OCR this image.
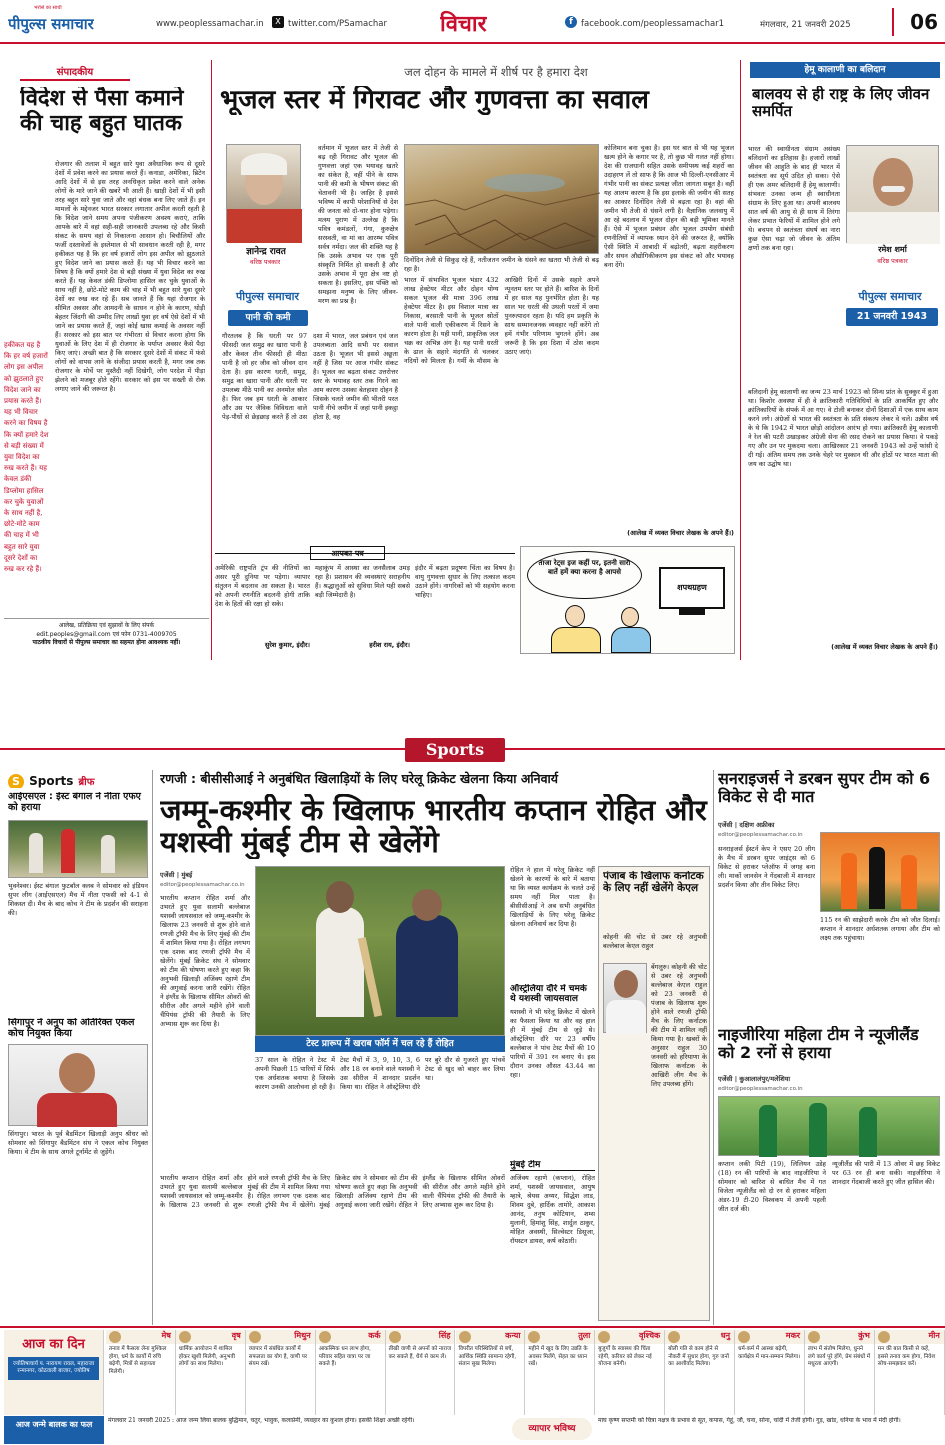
पीपुल्स समाचार
भरोसे का साथी
www.peoplessamachar.in	X twitter.com/PSamachar विचार	f facebook.com/peoplessamachar1	मंगलवार, 21 जनवरी 2025	06
संपादकीय
विदेश से पैसा कमाने की चाह बहुत घातक
हकीकत यह है कि हर वर्ष हजारों लोग इस अपील को झुठलाते हुए विदेश जाने का प्रयास करते हैं। यह भी विचार करने का विषय है कि क्यों हमारे देश से बड़ी संख्या में युवा विदेश का रुख करते हैं। यह केवल डंकी डिप्लोमा हासिल कर चुके युवाओं के साथ नहीं है, छोटे-मोटे काम की चाह में भी बहुत सारे युवा दूसरे देशों का रुख कर रहे हैं।
रोजगार की तलाश में बहुत सारे युवा अवैधानिक रूप से दूसरे देशों में प्रवेश करने का प्रयास करते हैं। कनाडा, अमेरिका, ब्रिटेन आदि देशों में से इस तरह अनधिकृत प्रवेश करने वाले अनेक लोगों के मारे जाने की खबरें भी आती हैं। खाड़ी देशों में भी इसी तरह बहुत सारे युवा जाते और वहां बंधक बना लिए जाते हैं। इन मामलों के मद्देनजर भारत सरकार लगातार अपील करती रहती है कि विदेश जाने समय अपना पंजीकरण अवश्य कराएं, ताकि आपके बारे में वहां सही-सही जानकारी उपलब्ध रहे और किसी संकट के समय वहां से निकालना आसान हो। बिचौलियों और फर्जी दस्तावेजों के इस्तेमाल से भी सावधान करती रही है, मगर हकीकत यह है कि हर वर्ष हजारों लोग इस अपील को झुठलाते हुए विदेश जाने का प्रयास करते हैं। यह भी विचार करने का विषय है कि क्यों हमारे देश से बड़ी संख्या में युवा विदेश का रुख करते हैं। यह केवल डंकी डिप्लोमा हासिल कर चुके युवाओं के साथ नहीं है, छोटे-मोटे काम की चाह में भी बहुत सारे युवा दूसरे देशों का रुख कर रहे हैं। सब जानते हैं कि यहां रोजगार के सीमित अवसर और आमदनी के साधन न होने के कारण, थोड़ी बेहतर जिंदगी की उम्मीद लिए लाखों युवा हर वर्ष ऐसे देशों में भी जाने का प्रयास करते हैं, जहां कोई खास कमाई के अवसर नहीं हैं। सरकार को इस बात पर गंभीरता से विचार करना होगा कि युवाओं के लिए देश में ही रोजगार के पर्याप्त अवसर कैसे पैदा किए जाएं। अच्छी बात है कि सरकार दूसरे देशों में संकट में फंसे लोगों को वापस लाने के संजीदा प्रयास करती है, मगर जब तक रोजगार के मोर्चे पर मुस्तैदी नहीं दिखेगी, लोग परदेश में पीड़ा झेलने को मजबूर होते रहेंगे। सरकार को इस पर सख्ती से रोक लगाए जाने की जरूरत है।
आलेख, प्रतिक्रिया एवं सुझावों के लिए संपर्क
edit.peoples@gmail.com एवं फोन 0731-4009705
पाठकीय विचारों से पीपुल्स समाचार का सहमत होना आवश्यक नहीं।
जल दोहन के मामले में शीर्ष पर है हमारा देश
भूजल स्तर में गिरावट और गुणवत्ता का सवाल
ज्ञानेन्द्र रावत
वरिष्ठ पत्रकार
पीपुल्स समाचार
पानी की कमी
वर्तमान में भूजल स्तर में तेजी से बढ़ रही गिरावट और भूजल की गुणवत्ता जहां एक भयावह खतरे का संकेत है, वहीं पीने के साफ पानी की कमी के भीषण संकट की चेतावनी भी है। जाहिर है इससे भविष्य में कापी परेशानियों से देश की जनता को दो-चार होना पड़ेगा। मत्स्य पुराण में उल्लेख है कि पवित्र कमंडलों, गंगा, कुरुक्षेत्र सरस्वती, वा मां का आरम्भ पवित्र सर्वत्र नर्मदा। जल की शक्ति यह है कि उसके अभाव पर एक पूरी संस्कृति निर्मित हो सकती है और उसके अभाव में पूरा क्षेत्र नष्ट हो सकता है। इसलिए, इस पंक्ति को समझना मनुष्य के लिए जीवन-मरण का प्रश्न है।
गौरतलब है कि धरती पर 97 फीसदी जल समुद्र का खारा पानी है और केवल तीन फीसदी ही मीठा पानी है जो हर जीव को जीवन दान देता है। इस कारण धरती, समुद्र, समुद्र का खारा पानी और धरती पर उपलब्ध मीठे पानी का अनमोल स्रोत है। फिर जब हम धरती के आकार और उस पर जैविक विविधता वाले पेड़-पौधों से छेड़छाड़ करते हैं तो उस दशा में भारत, जल प्रबंधन एवं जल उपलब्धता आदि सभी पर सवाल उठता है। भूजल भी इससे अछूता नहीं है जिस पर आज गंभीर संकट है। भूजल का बढ़ता संकट उत्तरोत्तर स्तर के भयावह स्तर तक गिरने का आम कारण उसका बेतहाशा दोहन है जिसके चलते जमीन की भीतरी परत पानी नीचे जमीन में जहां पानी इकट्ठा होता है, वह
दिनोंदिन तेजी से सिकुड़ रहे हैं, नतीजतन जमीन के धंसने का खतरा भी तेजी से बढ़ रहा है।
भारत में संभावित भूजल भंडार 432 लाख हेक्टेयर मीटर और दोहन योग्य सकल भूजल की मात्रा 396 लाख हेक्टेयर मीटर है। इस विशाल मात्रा का निकास, बरसाती पानी के भूजल स्रोतों वाले पानी वाली एकीकरण में रिसने के कारण होता है। यही पानी, प्राकृतिक जल चक्र का अभिन्न अंग है। यह पानी धरती के ढाल के सहारे मंदगति से चलकर नदियों को मिलता है। गर्मी के मौसम के आखिरी दिनों में उसके सहारे अपने न्यूनतम स्तर पर होते हैं। बारिश के दिनों में हर साल यह पुनर्भरित होता है। यह साल भर धरती की उथली परतों में जमा पुनरुत्पादन रहता है। यदि हम प्रकृति के साथ सम्मानजनक व्यवहार नहीं करेंगे तो हमें गंभीर परिणाम भुगतने होंगे। अब जरूरी है कि इस दिशा में ठोस कदम उठाए जाएं।
कोलिमान बना चुका है। इस घर बात से भी यह भूजल खत्म होने के कगार पर है, तो कुछ भी गलत नहीं होगा। देश की राजधानी सहित उसके समीपस्थ कई शहरों का उदाहरण लें तो साफ है कि आज भी दिल्ली-एनसीआर में गंभीर पानी का संकट प्रत्यक्ष जीता जागता सबूत है। वहीं यह आलम कारण है कि इस इलाके की जमीन की सतह का आकार दिनोंदिन तेजी से बढ़ता रहा है। वहां की जमीन भी तेजी से धंसने लगी है। वैज्ञानिक जलवायु में आ रहे बदलाव में भूजल दोहन की बड़ी भूमिका मानते हैं। ऐसे में भूजल प्रबंधन और भूजल उपयोग संबंधी रणनीतियों में व्यापक ध्यान देने की जरूरत है, क्योंकि ऐसी स्थिति में आबादी में बढ़ोतरी, बढ़ता शहरीकरण और सघन औद्योगिकीकरण इस संकट को और भयावह बना देंगे।
(आलेख में व्यक्त विचार लेखक के अपने हैं।)
अमेरिकी राष्ट्रपति ट्रंप की नीतियों का असर पूरी दुनिया पर पड़ेगा। व्यापार संतुलन में बदलाव आ सकता है। भारत को अपनी रणनीति बदलनी होगी ताकि देश के हितों की रक्षा हो सके।
सुरेश कुमार, इंदौर।
महाकुंभ में आस्था का जनसैलाब उमड़ रहा है। प्रशासन की व्यवस्थाएं सराहनीय हैं। श्रद्धालुओं को सुविधा मिले यही सबसे बड़ी जिम्मेदारी है।
हरीश राय, इंदौर।
इंदौर में बढ़ता प्रदूषण चिंता का विषय है। वायु गुणवत्ता सुधार के लिए तत्काल कदम उठाने होंगे। नागरिकों को भी सहयोग करना चाहिए।
ताजा रेट्स इज कहीं पर, इतनी सारी बातें हमें क्या करना है आपसे
शपथग्रहण
हेमू कालाणी का बलिदान
बालवय से ही राष्ट्र के लिए जीवन समर्पित
भारत की स्वाधीनता संग्राम असंख्य बलिदानों का इतिहास है। हजारों लाखों जीवन की आहुति के बाद ही भारत में स्वतंत्रता का सूर्य उदित हो सका। ऐसे ही एक अमर बलिदानी हैं हेमू कालाणी। संभवतः उनका जन्म ही स्वाधीनता संग्राम के लिए हुआ था। अपनी बालवय सात वर्ष की आयु से ही साथ में तिरंगा लेकर प्रभात फेरियों में शामिल होने लगे थे। बचपन से स्वतंत्रता संघर्ष का नारा कुछ ऐसा चढ़ा जो जीवन के अंतिम क्षणों तक बना रहा।	रमेश शर्मा
वरिष्ठ पत्रकार
पीपुल्स समाचार
21 जनवरी 1943
बलिदानी हेमू कालाणी का जन्म 23 मार्च 1923 को सिन्ध प्रांत के सुक्कुर में हुआ था। किशोर अवस्था में ही वे क्रांतिकारी गतिविधियों के प्रति आकर्षित हुए और क्रांतिकारियों के संपर्क में आ गए। वे टोली बनाकर दोनों दिशाओं में एक साथ काम करने लगे। अंग्रेजों से भारत की स्वतंत्रता के प्रति संकल्प लेकर वे चले। उन्नीस वर्ष के थे कि 1942 में भारत छोड़ो आंदोलन आरंभ हो गया। क्रांतिकारी हेमू कालाणी ने रेल की पटरी उखाड़कर अंग्रेजी सेना की रसद रोकने का प्रयास किया। वे पकड़े गए और उन पर मुकदमा चला। आखिरकार 21 जनवरी 1943 को उन्हें फांसी दे दी गई। अंतिम समय तक उनके चेहरे पर मुस्कान थी और होंठों पर भारत माता की जय का उद्घोष था।
(आलेख में व्यक्त विचार लेखक के अपने हैं।)
Sports
S Sports ब्रीफ
आईएसएल : ईस्ट बंगाल ने नीता एफए को हराया
भुवनेश्वर। ईस्ट बंगाल फुटबॉल क्लब ने सोमवार को इंडियन सुपर लीग (आईएसएल) मैच में नीता एफसी को 4-1 से शिकस्त दी। मैच के बाद कोच ने टीम के प्रदर्शन की सराहना की।
सिंगापुर ने अनुप को अतिरिक्त एकल कोच नियुक्त किया
सिंगापुर। भारत के पूर्व बैडमिंटन खिलाड़ी अनुप श्रीधर को सोमवार को सिंगापुर बैडमिंटन संघ ने एकल कोच नियुक्त किया। वे टीम के साथ अगले टूर्नामेंट से जुड़ेंगे।
रणजी : बीसीसीआई ने अनुबंधित खिलाड़ियों के लिए घरेलू क्रिकेट खेलना किया अनिवार्य
जम्मू-कश्मीर के खिलाफ भारतीय कप्तान रोहित और यशस्वी मुंबई टीम से खेलेंगे
एजेंसी | मुंबई
editor@peoplessamachar.co.in
भारतीय कप्तान रोहित शर्मा और उभरते हुए युवा सलामी बल्लेबाज यशस्वी जायसवाल को जम्मू-कश्मीर के खिलाफ 23 जनवरी से शुरू होने वाले रणजी ट्रॉफी मैच के लिए मुंबई की टीम में शामिल किया गया है। रोहित लगभग एक दशक बाद रणजी ट्रॉफी मैच में खेलेंगे। मुंबई क्रिकेट संघ ने सोमवार को टीम की घोषणा करते हुए कहा कि अनुभवी खिलाड़ी अजिंक्य रहाणे टीम की अगुवाई करना जारी रखेंगे। रोहित ने इंग्लैंड के खिलाफ सीमित ओवरों की सीरीज और अगले महीने होने वाली चैंपियंस ट्रॉफी की तैयारी के लिए अभ्यास शुरू कर दिया है।
टेस्ट प्रारूप में खराब फॉर्म में चल रहे हैं रोहित
37 साल के रोहित ने टेस्ट में अपनी पिछली 15 पारियों में सिर्फ एक अर्धशतक बनाया है जिसके कारण उनकी आलोचना हो रही है। टेस्ट मैचों में 3, 9, 10, 3, 6 और 18 रन बनाने वाले यशस्वी ने उस सीरीज में शानदार प्रदर्शन किया था। रोहित ने ऑस्ट्रेलिया दौरे पर बुरे दौर से गुजरते हुए पांचवें टेस्ट से खुद को बाहर कर लिया था।
रोहित ने हाल में घरेलू क्रिकेट नहीं खेलने के कारणों के बारे में बताया था कि व्यस्त कार्यक्रम के चलते उन्हें समय नहीं मिल पाता है। बीसीसीआई ने अब सभी अनुबंधित खिलाड़ियों के लिए घरेलू क्रिकेट खेलना अनिवार्य कर दिया है।
ऑस्ट्रेलिया दौरे में चमके थे यशस्वी जायसवाल
यशस्वी ने भी घरेलू क्रिकेट में खेलने का फैसला किया था और वह हाल ही में मुंबई टीम से जुड़े थे। ऑस्ट्रेलिया दौरे पर 23 वर्षीय बल्लेबाज ने पांच टेस्ट मैचों की 10 पारियों में 391 रन बनाए थे। इस दौरान उनका औसत 43.44 का रहा।
मुंबई टीम
अजिंक्य रहाणे (कप्तान), रोहित शर्मा, यशस्वी जायसवाल, आयुष म्हात्रे, श्रेयस अय्यर, सिद्धेश लाड, शिवम दुबे, हार्दिक तामोरे, आकाश आनंद, तनुष कोटियान, शम्स मुलानी, हिमांशु सिंह, शार्दुल ठाकुर, मोहित अवस्थी, सिल्वेस्टर डिसूजा, रॉयस्टन डायस, कर्ष कोठारी।
भारतीय कप्तान रोहित शर्मा और उभरते हुए युवा सलामी बल्लेबाज यशस्वी जायसवाल को जम्मू-कश्मीर के खिलाफ 23 जनवरी से शुरू होने वाले रणजी ट्रॉफी मैच के लिए मुंबई की टीम में शामिल किया गया है। रोहित लगभग एक दशक बाद रणजी ट्रॉफी मैच में खेलेंगे। मुंबई क्रिकेट संघ ने सोमवार को टीम की घोषणा करते हुए कहा कि अनुभवी खिलाड़ी अजिंक्य रहाणे टीम की अगुवाई करना जारी रखेंगे। रोहित ने इंग्लैंड के खिलाफ सीमित ओवरों की सीरीज और अगले महीने होने वाली चैंपियंस ट्रॉफी की तैयारी के लिए अभ्यास शुरू कर दिया है।
पंजाब के खिलाफ कर्नाटक के लिए नहीं खेलेंगे केएल
कोहनी की चोट से उबर रहे अनुभवी बल्लेबाज केएल राहुल
बेंगलुरु। कोहनी की चोट से उबर रहे अनुभवी बल्लेबाज केएल राहुल को 23 जनवरी से पंजाब के खिलाफ शुरू होने वाले रणजी ट्रॉफी मैच के लिए कर्नाटक की टीम में शामिल नहीं किया गया है। खबरों के अनुसार राहुल 30 जनवरी को हरियाणा के खिलाफ कर्नाटक के आखिरी लीग मैच के लिए उपलब्ध होंगे।
सनराइजर्स ने डरबन सुपर टीम को 6 विकेट से दी मात
एजेंसी | दक्षिण अफ्रीका
editor@peoplessamachar.co.in
सनराइजर्स ईस्टर्न केप ने एसए 20 लीग के मैच में डरबन सुपर जाइंट्स को 6 विकेट से हराकर प्लेऑफ में जगह बना ली। मार्को जानसेन ने गेंदबाजी में शानदार प्रदर्शन किया और तीन विकेट लिए।
115 रन की साझेदारी करके टीम को जीत दिलाई। कप्तान ने शानदार अर्धशतक लगाया और टीम को लक्ष्य तक पहुंचाया।
नाइजीरिया महिला टीम ने न्यूजीलैंड को 2 रनों से हराया
एजेंसी | कुआलालंपुर/मलेशिया
editor@peoplessamachar.co.in
कप्तान लकी पिटी (19), लिलियन उडेह (18) रन की पारियों के बाद नाइजीरिया ने सोमवार को बारिश से बाधित मैच में गत विजेता न्यूजीलैंड को दो रन से हराकर महिला अंडर-19 टी-20 विश्वकप में अपनी पहली जीत दर्ज की।
न्यूजीलैंड की पारी में 13 ओवर में छह विकेट पर 63 रन ही बना सकी। नाइजीरिया ने शानदार गेंदबाजी करते हुए जीत हासिल की।
आज का दिन
ज्योतिषाचार्य प. नारायण रावल, महाराजा रन्मानगर, कोठवाली बाजार, ज्योतिष
मेष
तनाव में फैसला लेना मुश्किल होगा, धर्म के कार्यों में रुचि बढ़ेगी, मित्रों से सहायता मिलेगी।
वृष
धार्मिक आयोजन में शामिल होकर खुशी मिलेगी, अनुभवी लोगों का साथ मिलेगा।
मिथुन
व्यापार में संबंधित कार्यों में सफलता का योग है, वाणी पर संयम रखें।
कर्क
आकस्मिक धन लाभ होगा, परिवार सहित यात्रा पर जा सकते हैं।
सिंह
तीखी वाणी से अपनों को नाराज कर सकते हैं, धैर्य से काम लें।
कन्या
विपरीत परिस्थितियों से बचें, आर्थिक स्थिति सामान्य रहेगी, संतान सुख मिलेगा।
तुला
महीने में खुद के लिए उन्नति के अवसर मिलेंगे, सेहत का ध्यान रखें।
वृश्चिक
बुजुर्गों के स्वास्थ्य की चिंता रहेगी, करियर को लेकर नई योजना बनेगी।
धनु
बोली गति से काम होने से नौकरी में सुधार होगा, गुरु जनों का आशीर्वाद मिलेगा।
मकर
धर्म-कर्म में आस्था बढ़ेगी, कार्यक्षेत्र में मान-सम्मान मिलेगा।
कुंभ
लाभ में संतोष मिलेगा, धुनने लगे कार्य पूरे होंगे, प्रेम संबंधों में मधुरता आएगी।
मीन
मन की बात किसी से कहें, इससे तनाव कम होगा, निवेश सोच-समझकर करें।
आज जन्मे बालक का फल	मंगलवार 21 जनवरी 2025 : आज जन्म लिया बालक बुद्धिमान, चतुर, भावुक, कलाप्रेमी, व्यवहार का कुशल होगा। इसकी शिक्षा अच्छी रहेगी।
व्यापार भविष्य
माघ कृष्ण सप्तमी को चित्रा नक्षत्र के प्रभाव से सूत, कपास, गेहूं, जौ, चना, सोना, चांदी में तेजी होगी। गुड़, खांड, धनिया के भाव में मंदी होगी।
